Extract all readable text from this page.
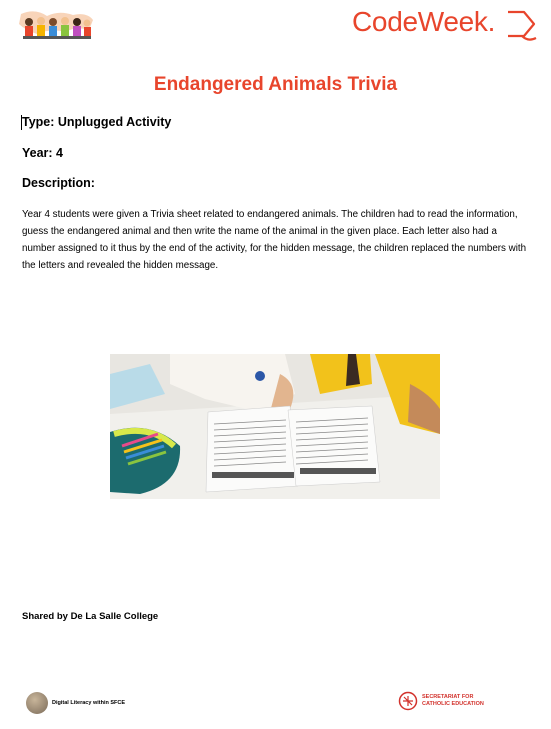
CodeWeek.
Endangered Animals Trivia
Type: Unplugged Activity
Year: 4
Description:
Year 4 students were given a Trivia sheet related to endangered animals. The children had to read the information, guess the endangered animal and then write the name of the animal in the given place. Each letter also had a number assigned to it thus by the end of the activity, for the hidden message, the children replaced the numbers with the letters and revealed the hidden message.
Shared by De La Salle College
Digital Literacy within SFCE
SECRETARIAT FOR CATHOLIC EDUCATION
